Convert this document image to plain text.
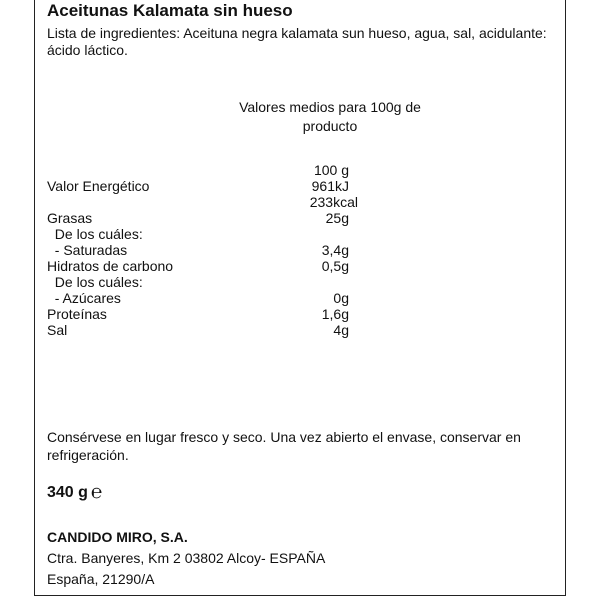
Aceitunas Kalamata sin hueso
Lista de ingredientes: Aceituna negra kalamata sun hueso, agua, sal, acidulante: ácido láctico.
Valores medios para 100g de producto
100 g
Valor Energético	961kJ
233kcal
Grasas	25g
De los cuáles:
- Saturadas	3,4g
Hidratos de carbono	0,5g
De los cuáles:
- Azúcares	0g
Proteínas	1,6g
Sal	4g
Consérvese en lugar fresco y seco. Una vez abierto el envase, conservar en refrigeración.
340 g ℮
CANDIDO MIRO, S.A.
Ctra. Banyeres, Km 2 03802 Alcoy- ESPAÑA
España, 21290/A
